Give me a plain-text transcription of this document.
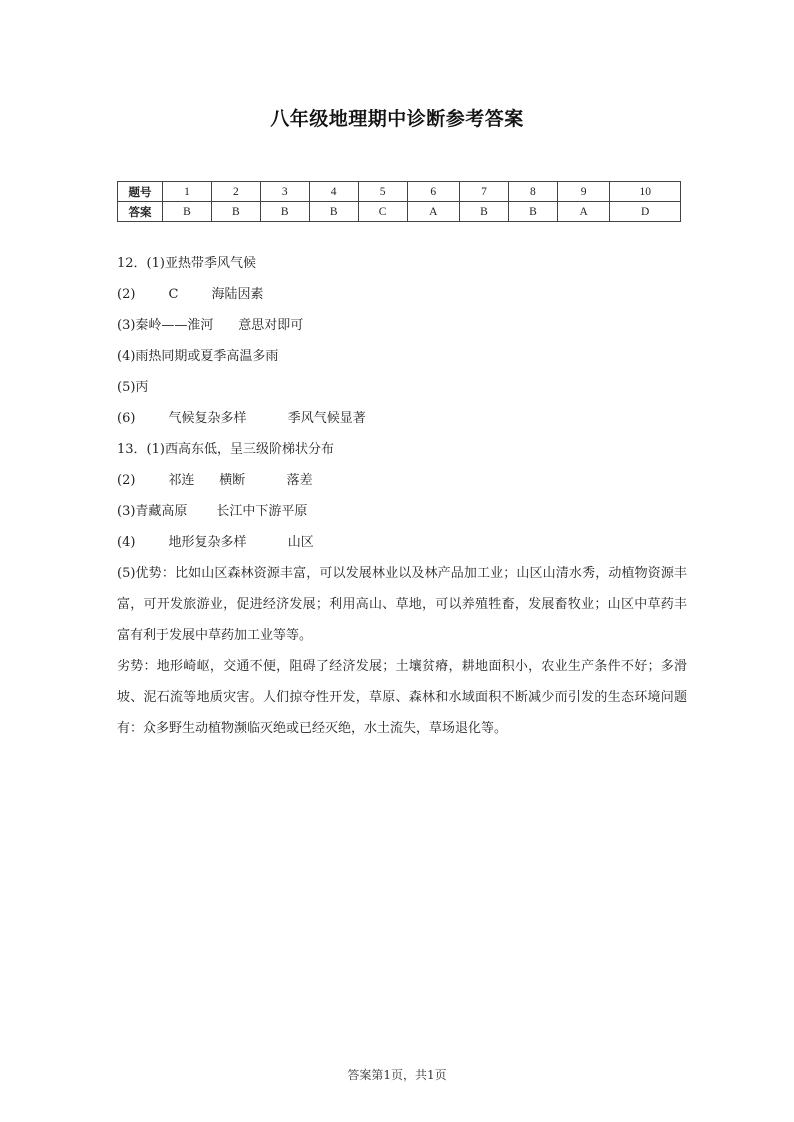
八年级地理期中诊断参考答案
题号	1	2	3	4	5	6	7	8	9	10
答案	B	B	B	B	C	A	B	B	A	D
12．(1)亚热带季风气候
(2)        C        海陆因素
(3)秦岭——淮河      意思对即可
(4)雨热同期或夏季高温多雨
(5)丙
(6)        气候复杂多样          季风气候显著
13．(1)西高东低，呈三级阶梯状分布
(2)        祁连      横断          落差
(3)青藏高原       长江中下游平原
(4)        地形复杂多样          山区
(5)优势：比如山区森林资源丰富，可以发展林业以及林产品加工业；山区山清水秀，动植物资源丰富，可开发旅游业，促进经济发展；利用高山、草地，可以养殖牲畜，发展畜牧业；山区中草药丰富有利于发展中草药加工业等等。
劣势：地形崎岖，交通不便，阻碍了经济发展；土壤贫瘠，耕地面积小，农业生产条件不好；多滑坡、泥石流等地质灾害。人们掠夺性开发，草原、森林和水域面积不断减少而引发的生态环境问题有：众多野生动植物濒临灭绝或已经灭绝，水土流失，草场退化等。
答案第1页，共1页
